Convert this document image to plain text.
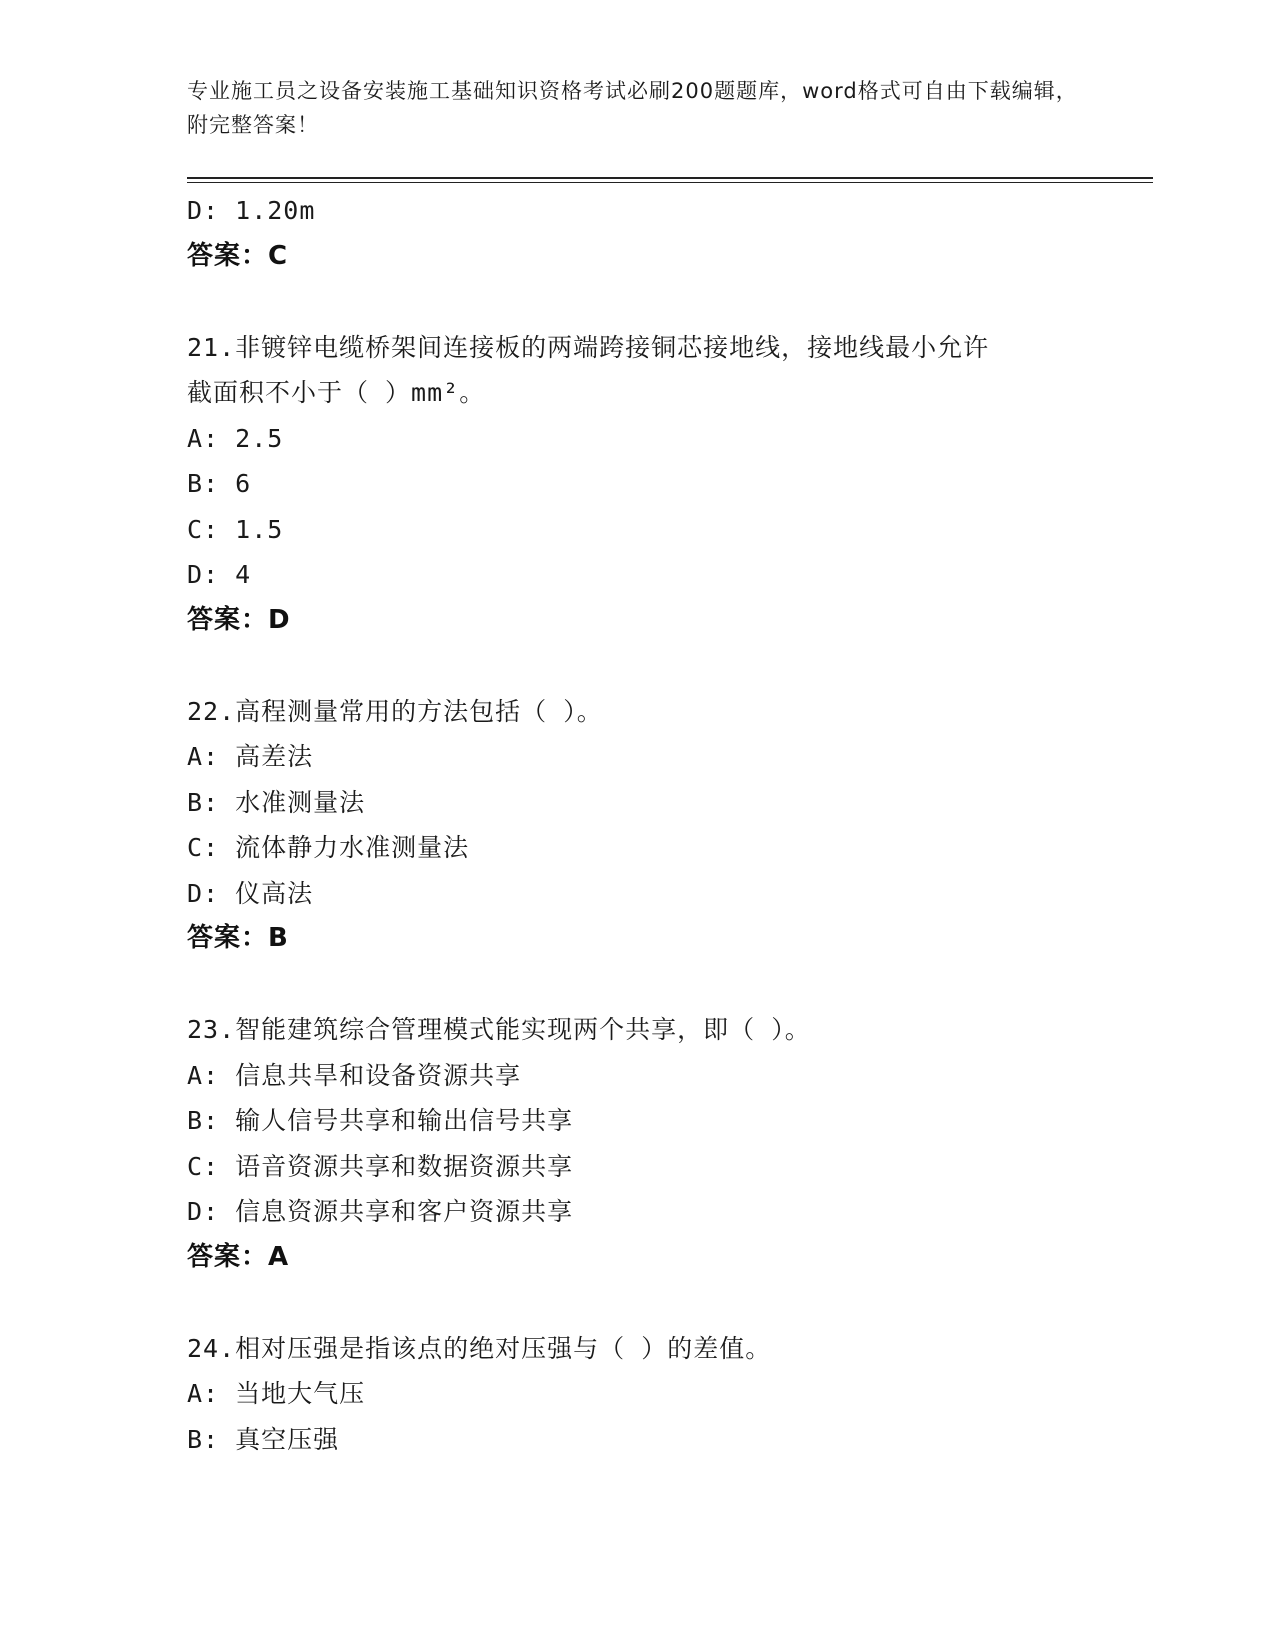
专业施工员之设备安装施工基础知识资格考试必刷200题题库，word格式可自由下载编辑，附完整答案！
D: 1.20m
答案：C
21.非镀锌电缆桥架间连接板的两端跨接铜芯接地线，接地线最小允许
截面积不小于（ ）mm²。
A: 2.5
B: 6
C: 1.5
D: 4
答案：D
22.高程测量常用的方法包括（ ）。
A: 高差法
B: 水准测量法
C: 流体静力水准测量法
D: 仪高法
答案：B
23.智能建筑综合管理模式能实现两个共享，即（ ）。
A: 信息共旱和设备资源共享
B: 输人信号共享和输出信号共享
C: 语音资源共享和数据资源共享
D: 信息资源共享和客户资源共享
答案：A
24.相对压强是指该点的绝对压强与（ ）的差值。
A: 当地大气压
B: 真空压强
